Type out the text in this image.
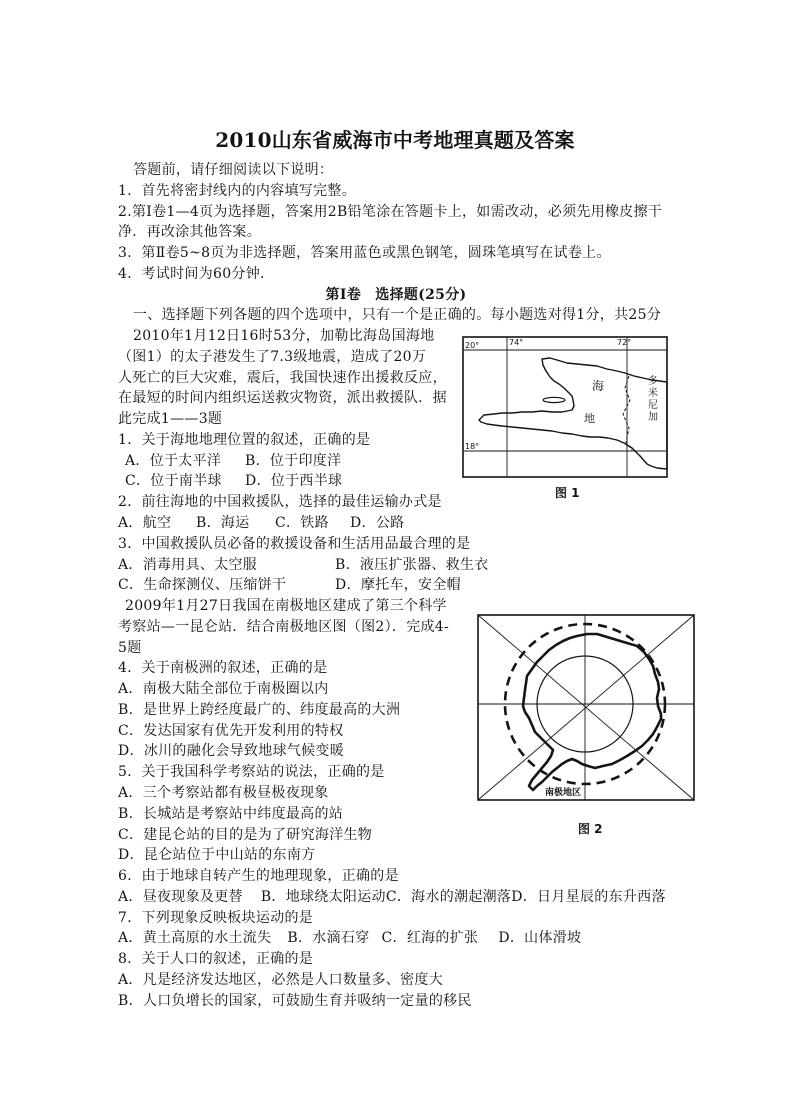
2010山东省威海市中考地理真题及答案
答题前，请仔细阅读以下说明：
1．首先将密封线内的内容填写完整。
2.第Ⅰ卷1—4页为选择题，答案用2B铅笔涂在答题卡上，如需改动，必须先用橡皮擦干
净．再改涂其他答案。
3．第Ⅱ卷5~8页为非选择题，答案用蓝色或黑色钢笔，圆珠笔填写在试卷上。
4．考试时间为60分钟．
第Ⅰ卷　选择题(25分)
一、选择题下列各题的四个选项中，只有一个是正确的。每小题选对得1分，共25分
2010年1月12日16时53分，加勒比海岛国海地
（图1）的太子港发生了7.3级地震，造成了20万
人死亡的巨大灾难，震后，我国快速作出援救反应，
在最短的时间内组织运送救灾物资，派出救援队．据
此完成1——3题
1．关于海地地理位置的叙述，正确的是
A．位于太平洋 B．位于印度洋
C．位于南半球 D．位于西半球
2．前往海地的中国救援队，选择的最佳运输办式是
A．航空 B．海运 C．铁路 D．公路
3．中国救援队员必备的救援设备和生活用品最合理的是
A．消毒用具、太空服	B．液压扩张器、救生衣
C．生命探测仪、压缩饼干	D．摩托车，安全帽
2009年1月27日我国在南极地区建成了第三个科学
考察站—一昆仑站．结合南极地区图（图2）．完成4-
5题
4．关于南极洲的叙述，正确的是
A．南极大陆全部位于南极圈以内
B．是世界上跨经度最广的、纬度最高的大洲
C．发达国家有优先开发利用的特权
D．冰川的融化会导致地球气候变暖
5．关于我国科学考察站的说法，正确的是
A．三个考察站都有极昼极夜现象
B．长城站是考察站中纬度最高的站
C．建昆仑站的目的是为了研究海洋生物
D．昆仑站位于中山站的东南方
6．由于地球自转产生的地理现象，正确的是
A．昼夜现象及更替 B．地球绕太阳运动C．海水的潮起潮落D．日月星辰的东升西落
7．下列现象反映板块运动的是
A．黄土高原的水土流失 B．水滴石穿 C．红海的扩张 D．山体滑坡
8．关于人口的叙述，正确的是
A．凡是经济发达地区，必然是人口数量多、密度大
B．人口负增长的国家，可鼓励生育并吸纳一定量的移民
20°	74°	72°
18°
海
地
多米尼加
图 1
南极地区
图 2
